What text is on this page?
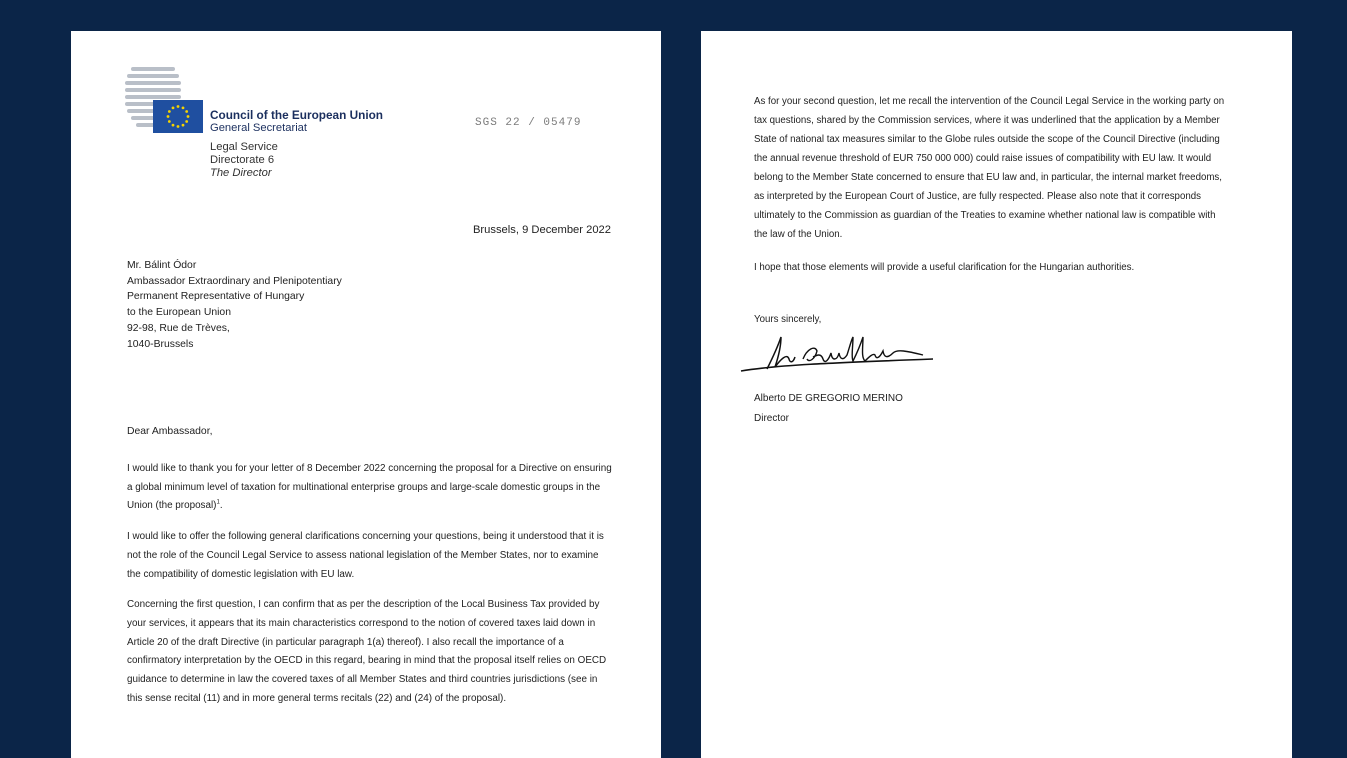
Council of the European Union
General Secretariat
Legal Service
Directorate 6
The Director
SGS 22 / 05479
Brussels, 9 December 2022
Mr. Bálint Ódor
Ambassador Extraordinary and Plenipotentiary
Permanent Representative of Hungary
to the European Union
92-98, Rue de Trèves,
1040-Brussels
Dear Ambassador,

I would like to thank you for your letter of 8 December 2022 concerning the proposal for a Directive on ensuring a global minimum level of taxation for multinational enterprise groups and large-scale domestic groups in the Union (the proposal)$^1$.

I would like to offer the following general clarifications concerning your questions, being it understood that it is not the role of the Council Legal Service to assess national legislation of the Member States, nor to examine the compatibility of domestic legislation with EU law.

Concerning the first question, I can confirm that as per the description of the Local Business Tax provided by your services, it appears that its main characteristics correspond to the notion of covered taxes laid down in Article 20 of the draft Directive (in particular paragraph 1(a) thereof). I also recall the importance of a confirmatory interpretation by the OECD in this regard, bearing in mind that the proposal itself relies on OECD guidance to determine in law the covered taxes of all Member States and third countries jurisdictions (see in this sense recital (11) and in more general terms recitals (22) and (24) of the proposal).

As for your second question, let me recall the intervention of the Council Legal Service in the working party on tax questions, shared by the Commission services, where it was underlined that the application by a Member State of national tax measures similar to the Globe rules outside the scope of the Council Directive (including the annual revenue threshold of EUR 750 000 000) could raise issues of compatibility with EU law. It would belong to the Member State concerned to ensure that EU law and, in particular, the internal market freedoms, as interpreted by the European Court of Justice, are fully respected. Please also note that it corresponds ultimately to the Commission as guardian of the Treaties to examine whether national law is compatible with the law of the Union.

I hope that those elements will provide a useful clarification for the Hungarian authorities.

Yours sincerely,
Alberto DE GREGORIO MERINO
Director
